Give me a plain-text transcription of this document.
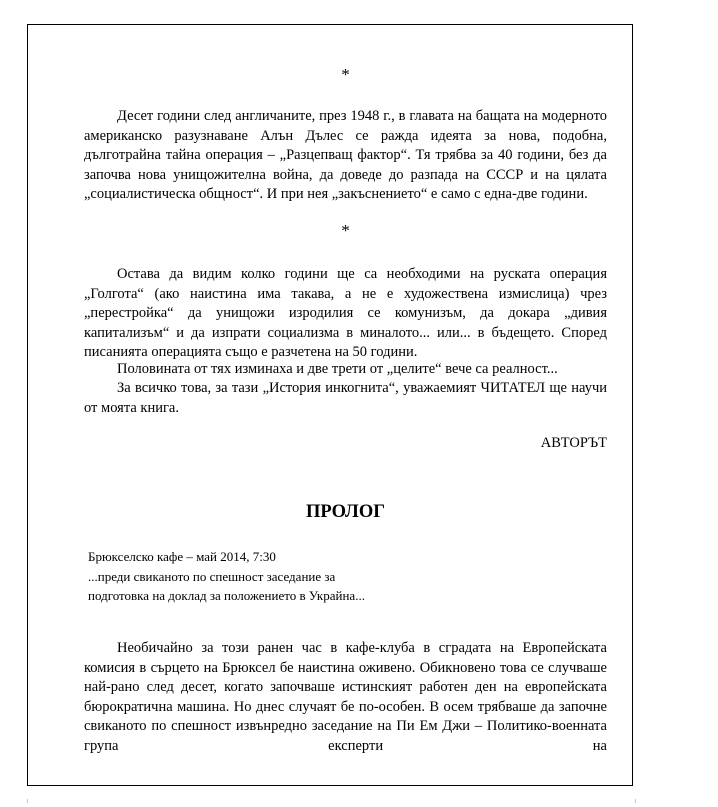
*

Десет години след англичаните, през 1948 г., в главата на бащата на модерното американско разузнаване Алън Дълес се ражда идеята за нова, подобна, дълготрайна тайна операция – „Разцепващ фактор“. Тя трябва за 40 години, без да започва нова унищожителна война, да доведе до разпада на СССР и на цялата „социалистическа общност“. И при нея „закъснението“ е само с една-две години.

*

Остава да видим колко години ще са необходими на руската операция „Голгота“ (ако наистина има такава, а не е художествена измислица) чрез „перестройка“ да унищожи изродилия се комунизъм, да докара „дивия капитализъм“ и да изпрати социализма в миналото... или... в бъдещето. Според писанията операцията също е разчетена на 50 години.

Половината от тях изминаха и две трети от „целите“ вече са реалност...

За всичко това, за тази „История инкогнита“, уважаемият ЧИТАТЕЛ ще научи от моята книга.

АВТОРЪТ
ПРОЛОГ
Брюкселско кафе – май 2014, 7:30
...преди свиканото по спешност заседание за
подготовка на доклад за положението в Украйна...

Необичайно за този ранен час в кафе-клуба в сградата на Европейската комисия в сърцето на Брюксел бе наистина оживено. Обикновено това се случваше най-рано след десет, когато започваше истинският работен ден на европейската бюрократична машина. Но днес случаят бе по-особен. В осем трябваше да започне свиканото по спешност извънредно заседание на Пи Ем Джи – Политико-военната група експерти на
